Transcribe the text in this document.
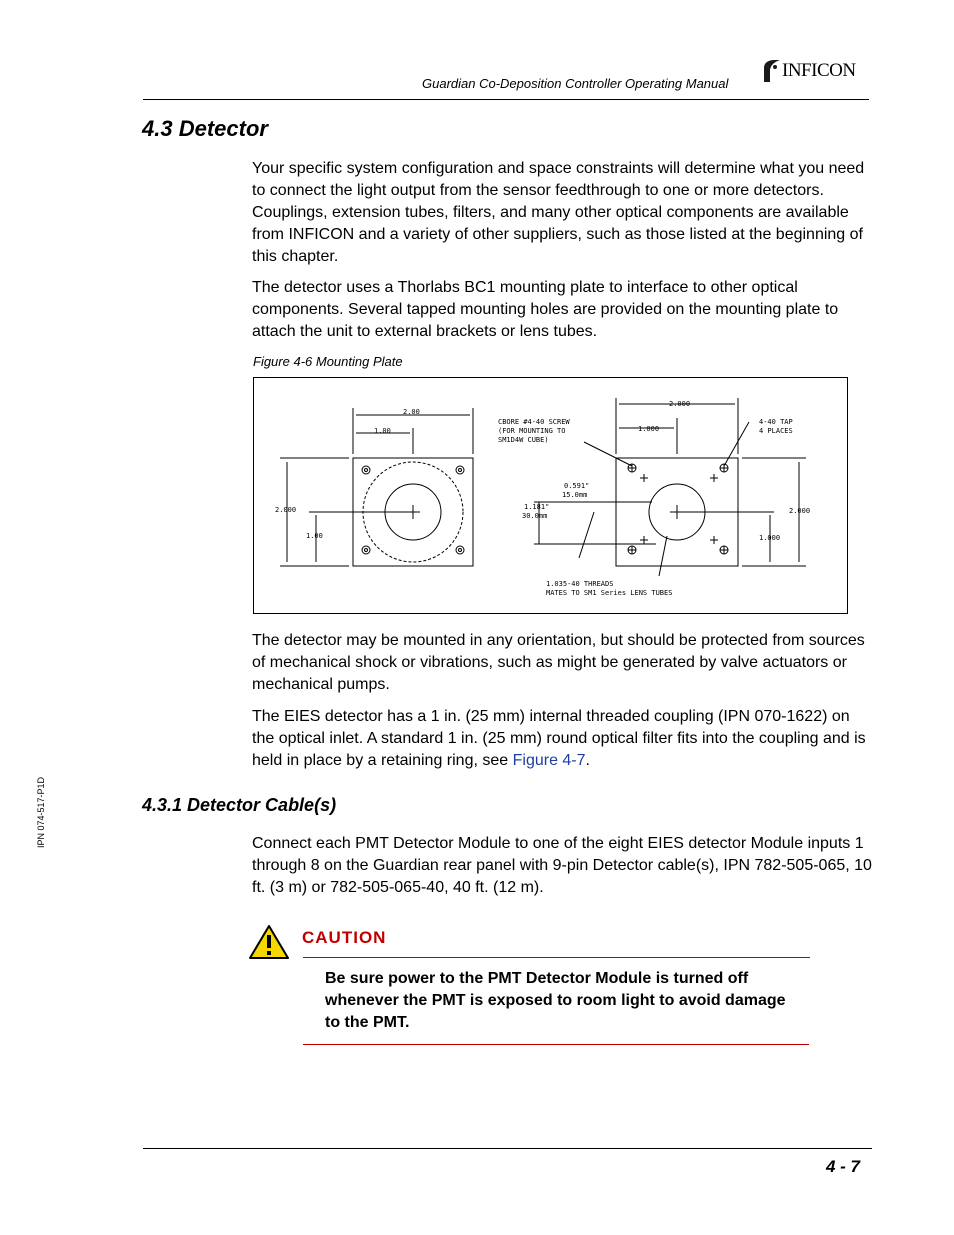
Guardian Co-Deposition Controller Operating Manual
INFICON
4.3 Detector

Your specific system configuration and space constraints will determine what you need to connect the light output from the sensor feedthrough to one or more detectors. Couplings, extension tubes, filters, and many other optical components are available from INFICON and a variety of other suppliers, such as those listed at the beginning of this chapter.

The detector uses a Thorlabs BC1 mounting plate to interface to other optical components. Several tapped mounting holes are provided on the mounting plate to attach the unit to external brackets or lens tubes.

Figure 4-6 Mounting Plate
2.00
1.00
2.000
1.00
CBORE #4-40 SCREW
(FOR MOUNTING TO
SM1D4W CUBE)
0.591"
15.0mm
1.181"
30.0mm
2.000
1.000
4-40 TAP
4 PLACES
2.000
1.000
1.035-40 THREADS
MATES TO SM1 Series LENS TUBES

The detector may be mounted in any orientation, but should be protected from sources of mechanical shock or vibrations, such as might be generated by valve actuators or mechanical pumps.

The EIES detector has a 1 in. (25 mm) internal threaded coupling (IPN 070-1622) on the optical inlet. A standard 1 in. (25 mm) round optical filter fits into the coupling and is held in place by a retaining ring, see Figure 4-7.

4.3.1 Detector Cable(s)

Connect each PMT Detector Module to one of the eight EIES detector Module inputs 1 through 8 on the Guardian rear panel with 9-pin Detector cable(s), IPN 782-505-065, 10 ft. (3 m) or 782-505-065-40, 40 ft. (12 m).

CAUTION

Be sure power to the PMT Detector Module is turned off whenever the PMT is exposed to room light to avoid damage to the PMT.

IPN 074-517-P1D
4 - 7
